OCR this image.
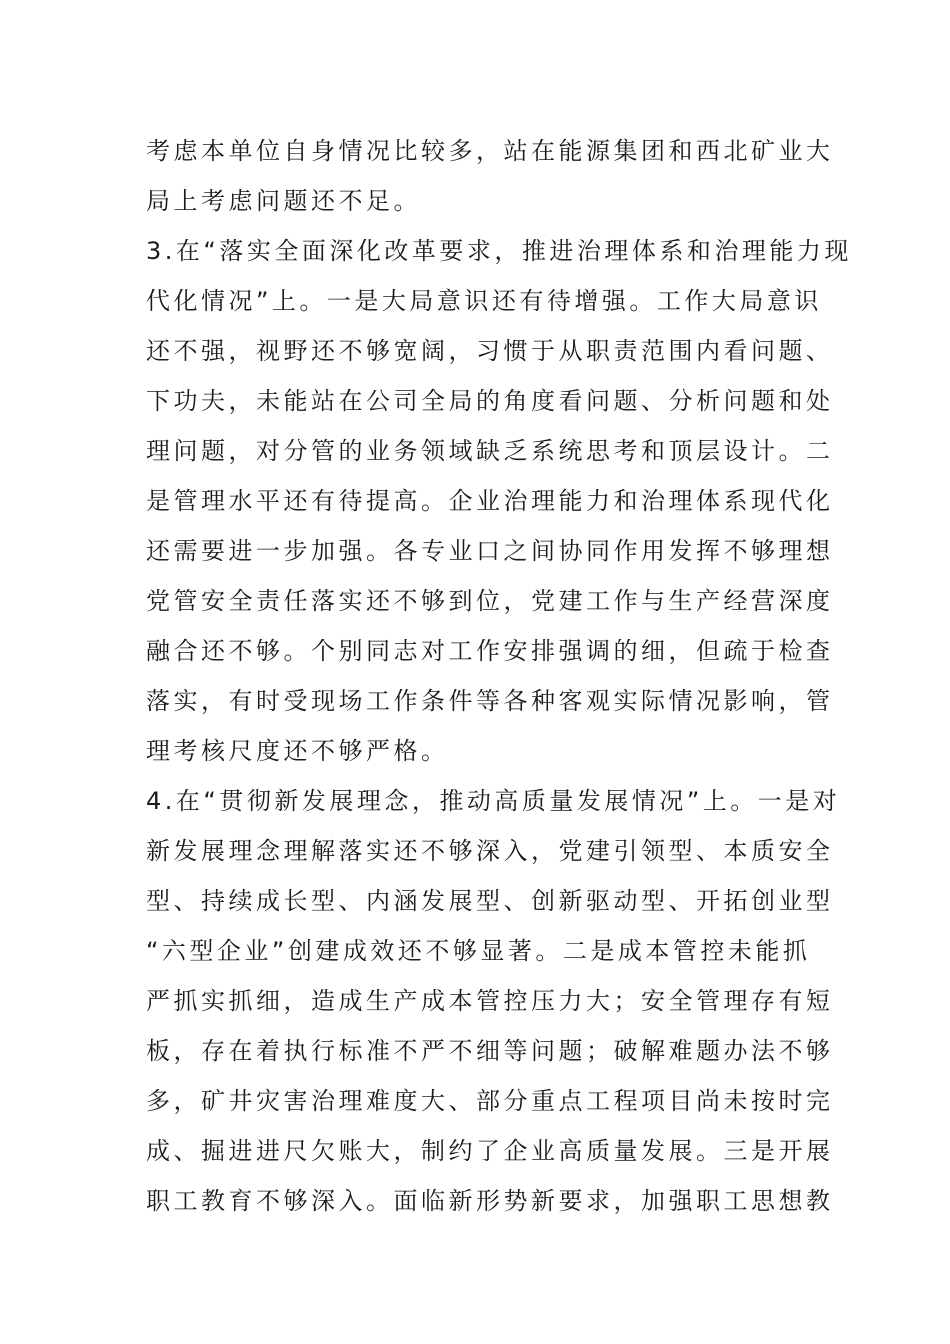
考虑本单位自身情况比较多，站在能源集团和西北矿业大
局上考虑问题还不足。
3.在“落实全面深化改革要求，推进治理体系和治理能力现
代化情况”上。一是大局意识还有待增强。工作大局意识
还不强，视野还不够宽阔，习惯于从职责范围内看问题、
下功夫，未能站在公司全局的角度看问题、分析问题和处
理问题，对分管的业务领域缺乏系统思考和顶层设计。二
是管理水平还有待提高。企业治理能力和治理体系现代化
还需要进一步加强。各专业口之间协同作用发挥不够理想
党管安全责任落实还不够到位，党建工作与生产经营深度
融合还不够。个别同志对工作安排强调的细，但疏于检查
落实，有时受现场工作条件等各种客观实际情况影响，管
理考核尺度还不够严格。
4.在“贯彻新发展理念，推动高质量发展情况”上。一是对
新发展理念理解落实还不够深入，党建引领型、本质安全
型、持续成长型、内涵发展型、创新驱动型、开拓创业型
“六型企业”创建成效还不够显著。二是成本管控未能抓
严抓实抓细，造成生产成本管控压力大；安全管理存有短
板，存在着执行标准不严不细等问题；破解难题办法不够
多，矿井灾害治理难度大、部分重点工程项目尚未按时完
成、掘进进尺欠账大，制约了企业高质量发展。三是开展
职工教育不够深入。面临新形势新要求，加强职工思想教
